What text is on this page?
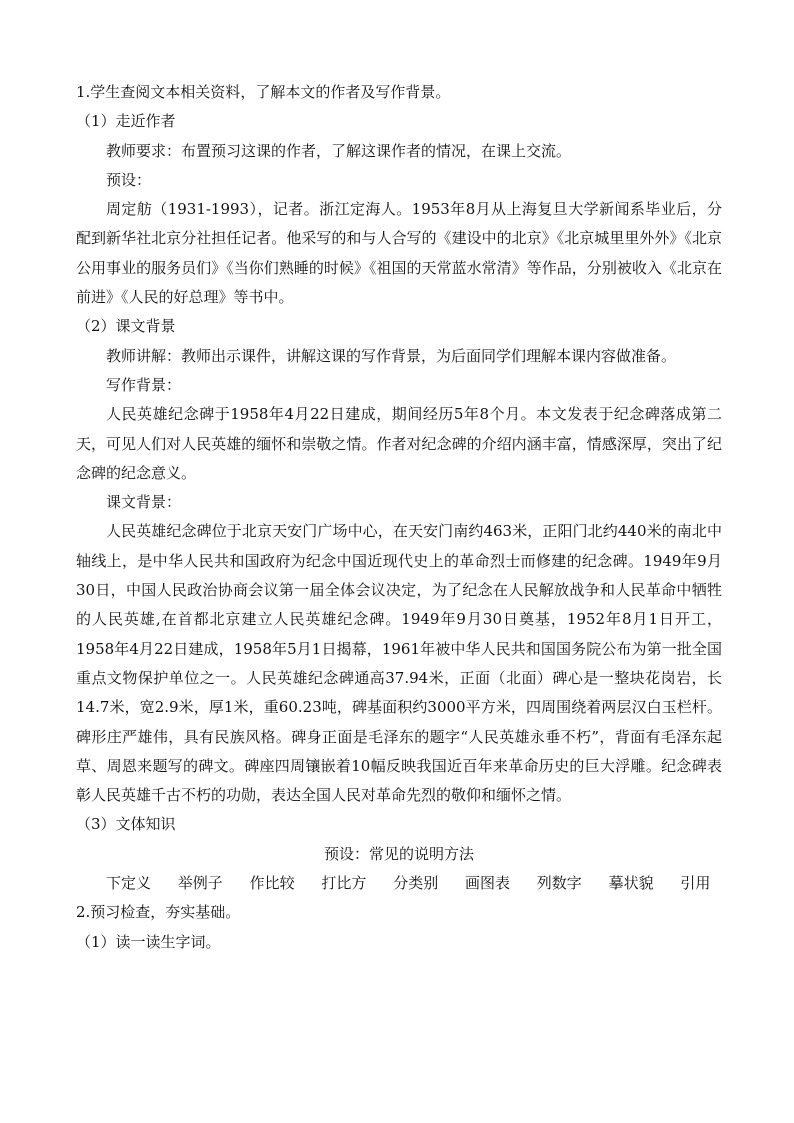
1.学生查阅文本相关资料，了解本文的作者及写作背景。
（1）走近作者
教师要求：布置预习这课的作者，了解这课作者的情况，在课上交流。
预设：
周定舫（1931-1993），记者。浙江定海人。1953年8月从上海复旦大学新闻系毕业后，分配到新华社北京分社担任记者。他采写的和与人合写的《建设中的北京》《北京城里里外外》《北京公用事业的服务员们》《当你们熟睡的时候》《祖国的天常蓝水常清》等作品，分别被收入《北京在前进》《人民的好总理》等书中。
（2）课文背景
教师讲解：教师出示课件，讲解这课的写作背景，为后面同学们理解本课内容做准备。
写作背景：
人民英雄纪念碑于1958年4月22日建成，期间经历5年8个月。本文发表于纪念碑落成第二天，可见人们对人民英雄的缅怀和崇敬之情。作者对纪念碑的介绍内涵丰富，情感深厚，突出了纪念碑的纪念意义。
课文背景：
人民英雄纪念碑位于北京天安门广场中心，在天安门南约463米，正阳门北约440米的南北中轴线上，是中华人民共和国政府为纪念中国近现代史上的革命烈士而修建的纪念碑。1949年9月30日，中国人民政治协商会议第一届全体会议决定，为了纪念在人民解放战争和人民革命中牺牲的人民英雄,在首都北京建立人民英雄纪念碑。1949年9月30日奠基，1952年8月1日开工，1958年4月22日建成，1958年5月1日揭幕，1961年被中华人民共和国国务院公布为第一批全国重点文物保护单位之一。人民英雄纪念碑通高37.94米，正面（北面）碑心是一整块花岗岩，长14.7米，宽2.9米，厚1米，重60.23吨，碑基面积约3000平方米，四周围绕着两层汉白玉栏杆。碑形庄严雄伟，具有民族风格。碑身正面是毛泽东的题字“人民英雄永垂不朽”，背面有毛泽东起草、周恩来题写的碑文。碑座四周镶嵌着10幅反映我国近百年来革命历史的巨大浮雕。纪念碑表彰人民英雄千古不朽的功勋，表达全国人民对革命先烈的敬仰和缅怀之情。
（3）文体知识
预设：常见的说明方法
下定义 举例子 作比较 打比方 分类别 画图表 列数字 摹状貌 引用
2.预习检查，夯实基础。
（1）读一读生字词。
